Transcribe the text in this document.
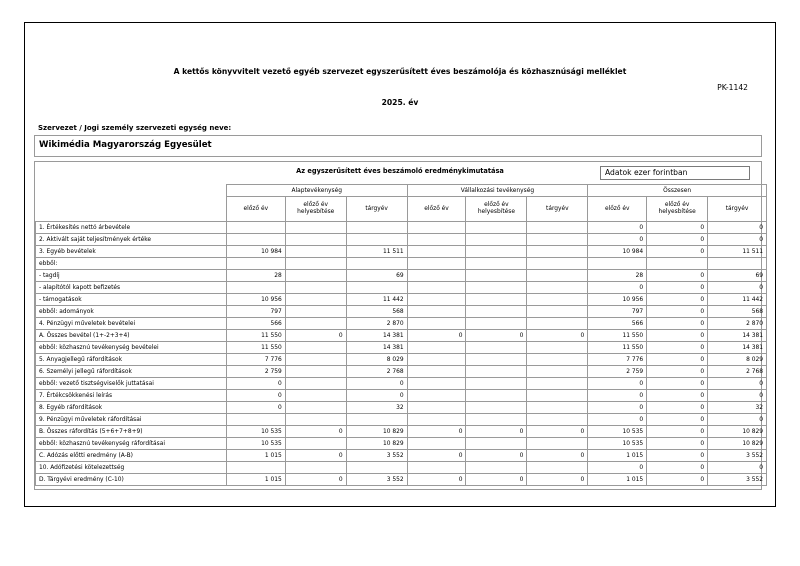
A kettős könyvvitelt vezető egyéb szervezet egyszerűsített éves beszámolója és közhasznúsági melléklet
PK-1142
2025. év
Szervezet / Jogi személy szervezeti egység neve:
Wikimédia Magyarország Egyesület
Az egyszerűsített éves beszámoló eredménykimutatása	Adatok ezer forintban
	Alaptevékenység			Vállalkozási tevékenység			Összesen		
	előző év	előző év helyesbítése	tárgyév	előző év	előző év helyesbítése	tárgyév	előző év	előző év helyesbítése	tárgyév
1. Értékesítés nettó árbevétele							0	0	0
2. Aktivált saját teljesítmények értéke							0	0	0
3. Egyéb bevételek	10 984		11 511				10 984	0	11 511
ebből:									
- tagdíj	28		69				28	0	69
- alapítótól kapott befizetés							0	0	0
- támogatások	10 956		11 442				10 956	0	11 442
ebből: adományok	797		568				797	0	568
4. Pénzügyi műveletek bevételei	566		2 870				566	0	2 870
A. Összes bevétel (1+-2+3+4)	11 550	0	14 381	0	0	0	11 550	0	14 381
ebből: közhasznú tevékenység bevételei	11 550		14 381				11 550	0	14 381
5. Anyagjellegű ráfordítások	7 776		8 029				7 776	0	8 029
6. Személyi jellegű ráfordítások	2 759		2 768				2 759	0	2 768
ebből: vezető tisztségviselők juttatásai	0		0				0	0	0
7. Értékcsökkenési leírás	0		0				0	0	0
8. Egyéb ráfordítások	0		32				0	0	32
9. Pénzügyi műveletek ráfordításai							0	0	0
B. Összes ráfordítás (5+6+7+8+9)	10 535	0	10 829	0	0	0	10 535	0	10 829
ebből: közhasznú tevékenység ráfordításai	10 535		10 829				10 535	0	10 829
C. Adózás előtti eredmény (A-B)	1 015	0	3 552	0	0	0	1 015	0	3 552
10. Adófizetési kötelezettség							0	0	0
D. Tárgyévi eredmény (C-10)	1 015	0	3 552	0	0	0	1 015	0	3 552
